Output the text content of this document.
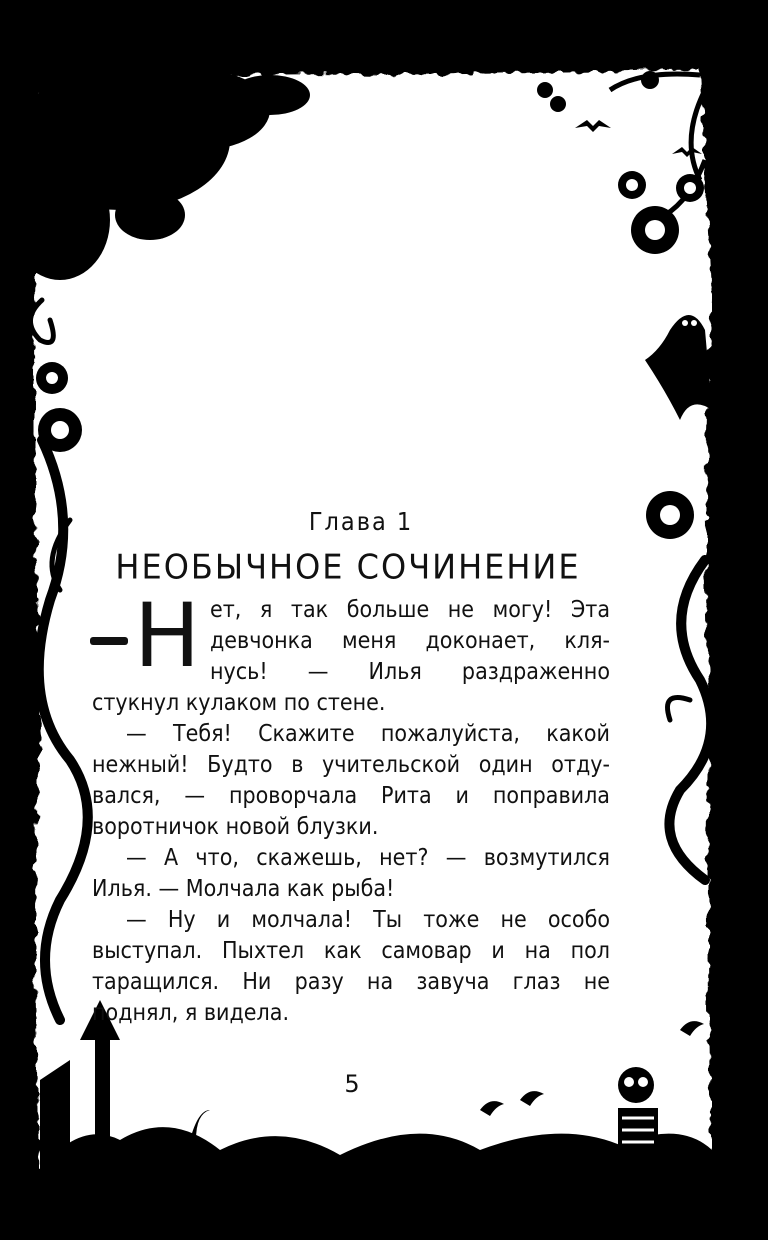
Глава 1
НЕОБЫЧНОЕ СОЧИНЕНИЕ
Н ет, я так больше не могу! Эта
девчонка меня доконает, кля-
нусь! — Илья раздраженно
стукнул кулаком по стене.
— Тебя! Скажите пожалуйста, какой
нежный! Будто в учительской один отду-
вался, — проворчала Рита и поправила
воротничок новой блузки.
— А что, скажешь, нет? — возмутился
Илья. — Молчала как рыба!
— Ну и молчала! Ты тоже не особо
выступал. Пыхтел как самовар и на пол
таращился. Ни разу на завуча глаз не
поднял, я видела.
5
